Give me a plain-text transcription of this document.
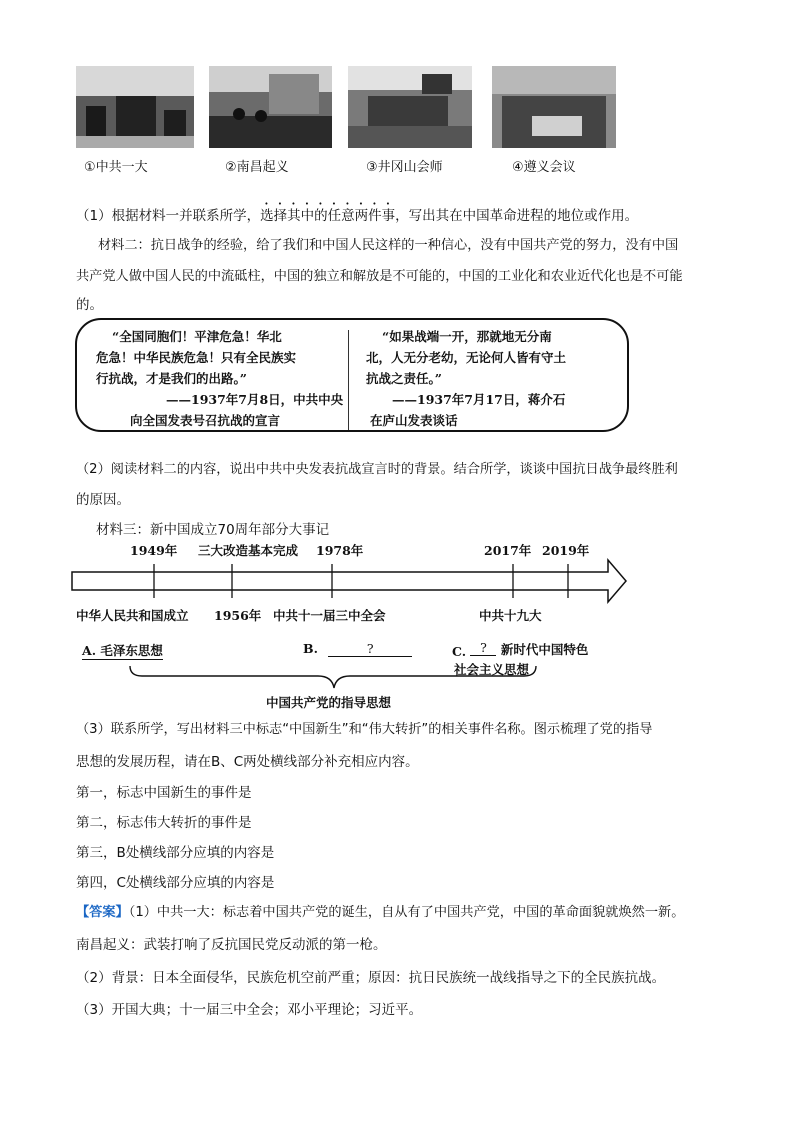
①中共一大	②南昌起义	③井冈山会师	④遵义会议
（1）根据材料一并联系所学，选择其中的任意两件事，写出其在中国革命进程的地位或作用。
材料二：抗日战争的经验，给了我们和中国人民这样的一种信心，没有中国共产党的努力，没有中国
共产党人做中国人民的中流砥柱，中国的独立和解放是不可能的，中国的工业化和农业近代化也是不可能
的。
“全国同胞们！平津危急！华北
危急！中华民族危急！只有全民族实
行抗战，才是我们的出路。”
——1937年7月8日，中共中央
向全国发表号召抗战的宣言
“如果战端一开，那就地无分南
北，人无分老幼，无论何人皆有守土
抗战之责任。”
——1937年7月17日，蒋介石
在庐山发表谈话
（2）阅读材料二的内容，说出中共中央发表抗战宣言时的背景。结合所学，谈谈中国抗日战争最终胜利
的原因。
材料三：新中国成立70周年部分大事记
1949年 三大改造基本完成 1978年	2017年 2019年
中华人民共和国成立 1956年 中共十一届三中全会	中共十九大
A. 毛泽东思想	B.	?	C. ? 新时代中国特色
社会主义思想
中国共产党的指导思想
（3）联系所学，写出材料三中标志“中国新生”和“伟大转折”的相关事件名称。图示梳理了党的指导
思想的发展历程，请在B、C两处横线部分补充相应内容。
第一，标志中国新生的事件是
第二，标志伟大转折的事件是
第三，B处横线部分应填的内容是
第四，C处横线部分应填的内容是
【答案】（1）中共一大：标志着中国共产党的诞生，自从有了中国共产党，中国的革命面貌就焕然一新。
南昌起义：武装打响了反抗国民党反动派的第一枪。
（2）背景：日本全面侵华，民族危机空前严重；原因：抗日民族统一战线指导之下的全民族抗战。
（3）开国大典；十一届三中全会；邓小平理论；习近平。
